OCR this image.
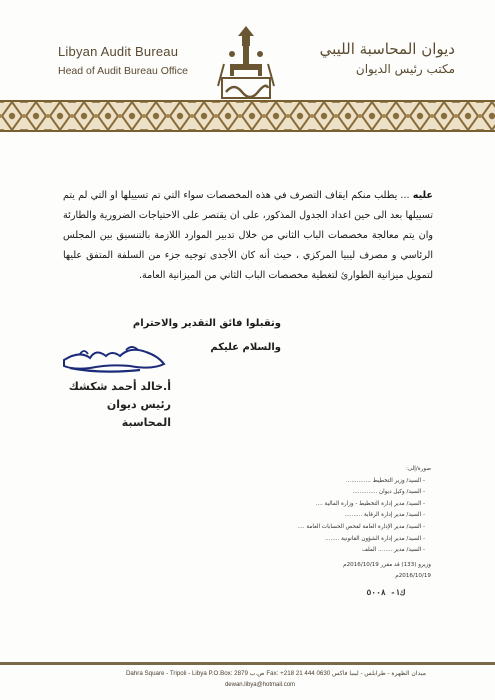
Libyan Audit Bureau
Head of Audit Bureau Office
ديوان المحاسبة الليبي
مكتب رئيس الديوان
عليه ... يطلب منكم ايقاف التصرف في هذه المخصصات سواء التي تم تسييلها او التي لم يتم تسييلها بعد الى حين اعداد الجدول المذكور، على ان يقتصر على الاحتياجات الضرورية والطارئة وان يتم معالجة مخصصات الباب الثاني من خلال تدبير الموارد اللازمة بالتنسيق بين المجلس الرئاسي و مصرف ليبيا المركزي ، حيث أنه كان الأجدى توجيه جزء من السلفة المتفق عليها لتمويل ميزانية الطوارئ لتغطية مخصصات الباب الثاني من الميزانية العامة.
وتقبلوا فائق التقدير والاحترام
والسلام عليكم
أ.خالد أحمد شكشك
رئيس ديوان المحاسبة
صورة/إلى:
- السيد/ وزير التخطيط ..............
- السيد/ وكيل ديوان ..............
- السيد/ مدير إدارة التخطيط - وزارة المالية ....
- السيد/ مدير إدارة الرقابة ..........
- السيد/ مدير الإدارة العامة لفحص الحسابات العامة ....
- السيد/ مدير إدارة الشؤون القانونية ........
- السيد/ مدير ........ الملف
وزيرو (133) قد مقرر 2016/10/19م
2016/10/19م
ك١- ٥٠٠٨
Dahra Square - Tripoli - Libya P.O.Box: 2879 ص.ب Fax: +218 21 444 0630 ميدان الظهرة - طرابلس - ليبيا فاكس
dewan.libya@hotmail.com
